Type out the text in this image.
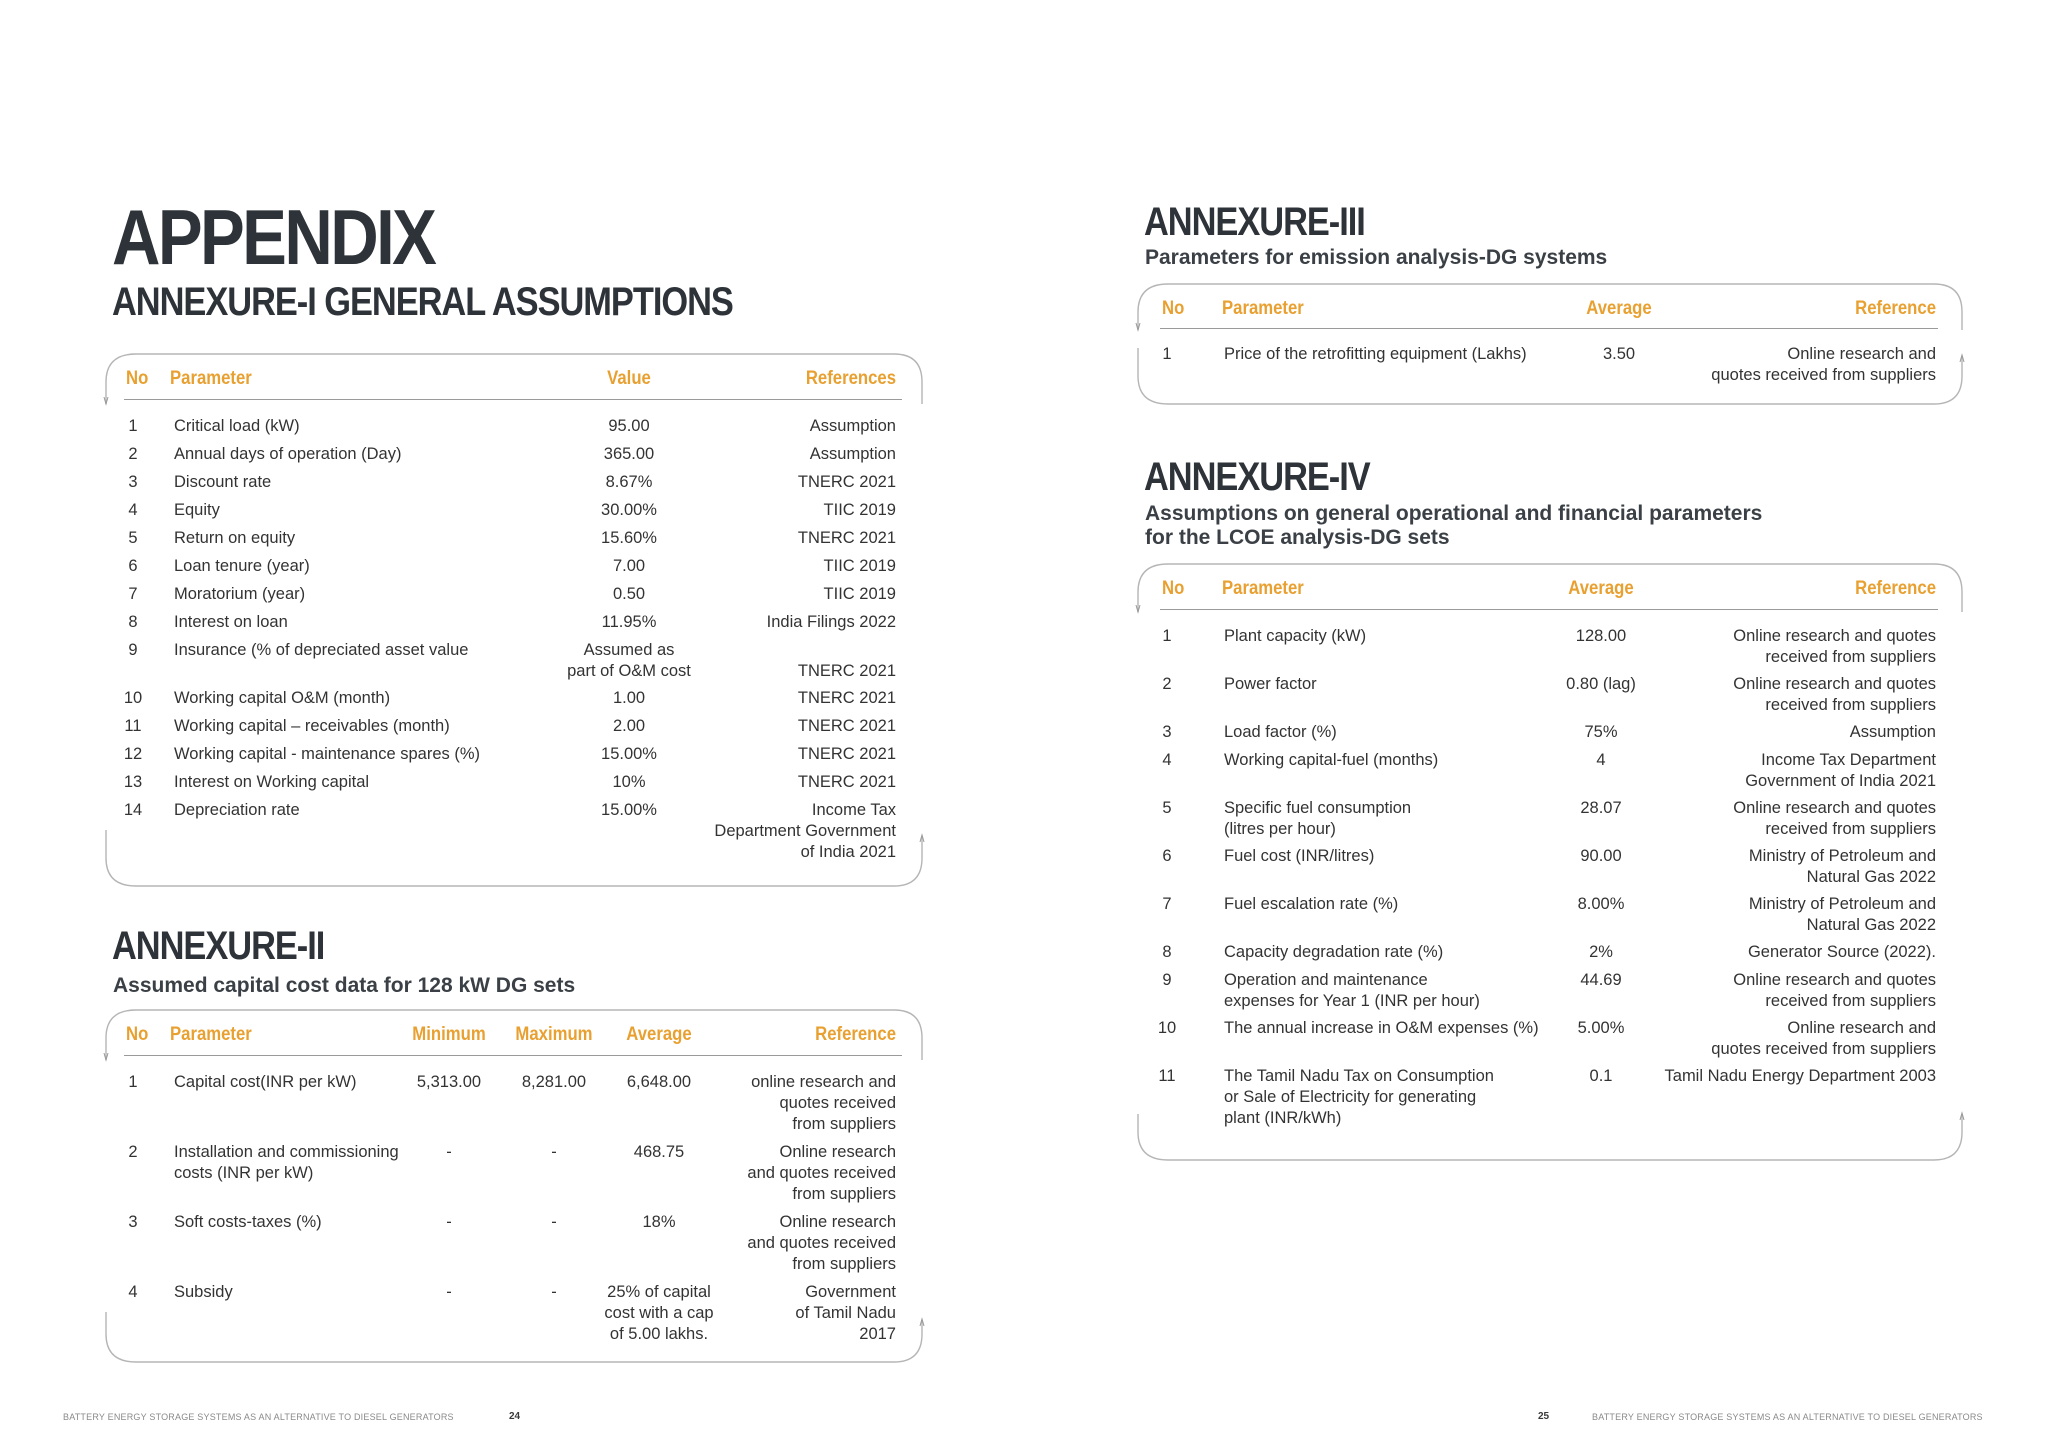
APPENDIX
ANNEXURE-I GENERAL ASSUMPTIONS
No Parameter	Value	References
1	Critical load (kW)	95.00	Assumption
2	Annual days of operation (Day)	365.00	Assumption
3	Discount rate	8.67%	TNERC 2021
4	Equity	30.00%	TIIC 2019
5	Return on equity	15.60%	TNERC 2021
6	Loan tenure (year)	7.00	TIIC 2019
7	Moratorium (year)	0.50	TIIC 2019
8	Interest on loan	11.95%	India Filings 2022
9	Insurance (% of depreciated asset value	Assumed as
part of O&M cost	TNERC 2021
10	Working capital O&M (month)	1.00	TNERC 2021
11	Working capital – receivables (month)	2.00	TNERC 2021
12	Working capital - maintenance spares (%)	15.00%	TNERC 2021
13	Interest on Working capital	10%	TNERC 2021
14	Depreciation rate	15.00%	Income Tax
Department Government
of India 2021
ANNEXURE-II
Assumed capital cost data for 128 kW DG sets
No Parameter	Minimum	Maximum	Average	Reference
1	Capital cost(INR per kW)	5,313.00	8,281.00	6,648.00	online research and
quotes received
from suppliers
2	Installation and commissioning
costs (INR per kW)
-	-	468.75	Online research
and quotes received
from suppliers
3	Soft costs-taxes (%)	-	-	18%	Online research
and quotes received
from suppliers
4	Subsidy	-	-	25% of capital
cost with a cap
of 5.00 lakhs.
Government
of Tamil Nadu
2017
BATTERY ENERGY STORAGE SYSTEMS AS AN ALTERNATIVE TO DIESEL GENERATORS	24
ANNEXURE-III
Parameters for emission analysis-DG systems
No Parameter	Average	Reference
1	Price of the retrofitting equipment (Lakhs)	3.50	Online research and
quotes received from suppliers
ANNEXURE-IV
Assumptions on general operational and financial parameters
for the LCOE analysis-DG sets
No Parameter	Average	Reference
1	Plant capacity (kW)	128.00	Online research and quotes
received from suppliers
2	Power factor	0.80 (lag)	Online research and quotes
received from suppliers
3	Load factor (%)	75%	Assumption
4	Working capital-fuel (months)	4	Income Tax Department
Government of India 2021
5	Specific fuel consumption
(litres per hour)
28.07	Online research and quotes
received from suppliers
6	Fuel cost (INR/litres)	90.00	Ministry of Petroleum and
Natural Gas 2022
7	Fuel escalation rate (%)	8.00%	Ministry of Petroleum and
Natural Gas 2022
8	Capacity degradation rate (%)	2%	Generator Source (2022).
9	Operation and maintenance
expenses for Year 1 (INR per hour)
44.69	Online research and quotes
received from suppliers
10	The annual increase in O&M expenses (%)	5.00%	Online research and
quotes received from suppliers
11	The Tamil Nadu Tax on Consumption
or Sale of Electricity for generating
plant (INR/kWh)
0.1	Tamil Nadu Energy Department 2003
25	BATTERY ENERGY STORAGE SYSTEMS AS AN ALTERNATIVE TO DIESEL GENERATORS
